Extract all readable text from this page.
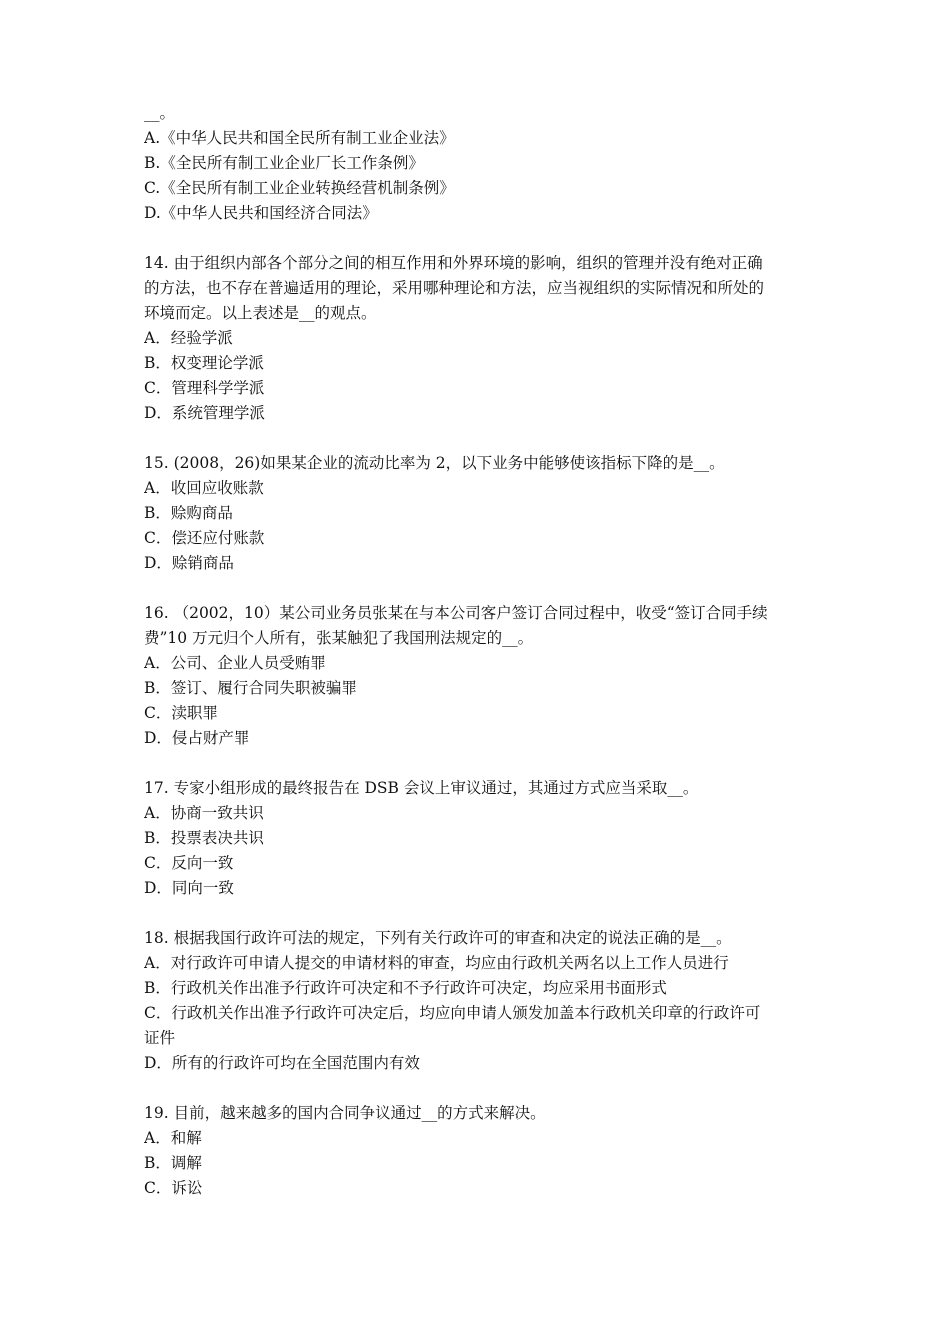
__。
A.《中华人民共和国全民所有制工业企业法》
B.《全民所有制工业企业厂长工作条例》
C.《全民所有制工业企业转换经营机制条例》
D.《中华人民共和国经济合同法》
14. 由于组织内部各个部分之间的相互作用和外界环境的影响，组织的管理并没有绝对正确
的方法，也不存在普遍适用的理论，采用哪种理论和方法，应当视组织的实际情况和所处的
环境而定。以上表述是__的观点。
A．经验学派
B．权变理论学派
C．管理科学学派
D．系统管理学派
15. (2008，26)如果某企业的流动比率为 2，以下业务中能够使该指标下降的是__。
A．收回应收账款
B．赊购商品
C．偿还应付账款
D．赊销商品
16. （2002，10）某公司业务员张某在与本公司客户签订合同过程中，收受“签订合同手续
费”10 万元归个人所有，张某触犯了我国刑法规定的__。
A．公司、企业人员受贿罪
B．签订、履行合同失职被骗罪
C．渎职罪
D．侵占财产罪
17. 专家小组形成的最终报告在 DSB 会议上审议通过，其通过方式应当采取__。
A．协商一致共识
B．投票表决共识
C．反向一致
D．同向一致
18. 根据我国行政许可法的规定，下列有关行政许可的审查和决定的说法正确的是__。
A．对行政许可申请人提交的申请材料的审查，均应由行政机关两名以上工作人员进行
B．行政机关作出准予行政许可决定和不予行政许可决定，均应采用书面形式
C．行政机关作出准予行政许可决定后，均应向申请人颁发加盖本行政机关印章的行政许可
证件
D．所有的行政许可均在全国范围内有效
19. 目前，越来越多的国内合同争议通过__的方式来解决。
A．和解
B．调解
C．诉讼
